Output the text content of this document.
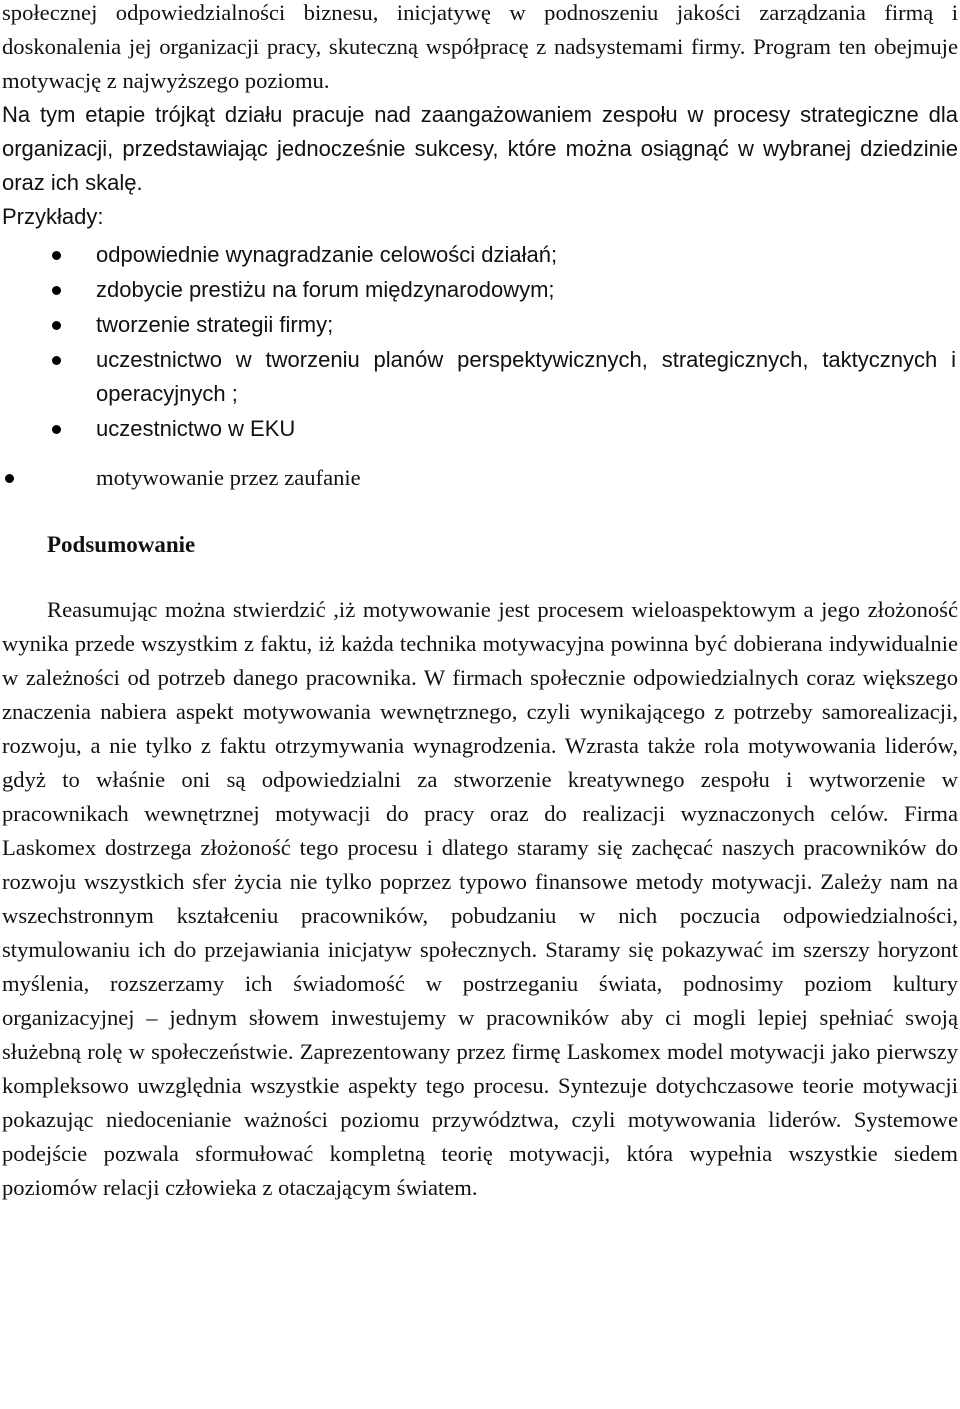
społecznej odpowiedzialności biznesu, inicjatywę w podnoszeniu jakości zarządzania firmą i doskonalenia jej organizacji pracy, skuteczną współpracę z nadsystemami firmy. Program ten obejmuje motywację z najwyższego poziomu.

Na tym etapie trójkąt działu pracuje nad zaangażowaniem zespołu w procesy strategiczne dla organizacji, przedstawiając jednocześnie sukcesy, które można osiągnąć w wybranej dziedzinie oraz ich skalę.

Przykłady:
odpowiednie wynagradzanie celowości działań;
zdobycie prestiżu na forum międzynarodowym;
tworzenie strategii firmy;
uczestnictwo w tworzeniu planów perspektywicznych, strategicznych, taktycznych i operacyjnych ;
uczestnictwo w EKU
motywowanie przez zaufanie
Podsumowanie

Reasumując można stwierdzić ,iż motywowanie jest procesem wieloaspektowym a jego złożoność wynika przede wszystkim z faktu, iż każda technika motywacyjna powinna być dobierana indywidualnie w zależności od potrzeb danego pracownika. W firmach społecznie odpowiedzialnych coraz większego znaczenia nabiera aspekt motywowania wewnętrznego, czyli wynikającego z potrzeby samorealizacji, rozwoju, a nie tylko z faktu otrzymywania wynagrodzenia. Wzrasta także rola motywowania liderów, gdyż to właśnie oni są odpowiedzialni za stworzenie kreatywnego zespołu i wytworzenie w pracownikach wewnętrznej motywacji do pracy oraz do realizacji wyznaczonych celów. Firma Laskomex dostrzega złożoność tego procesu i dlatego staramy się zachęcać naszych pracowników do rozwoju wszystkich sfer życia nie tylko poprzez typowo finansowe metody motywacji. Zależy nam na wszechstronnym kształceniu pracowników, pobudzaniu w nich poczucia odpowiedzialności, stymulowaniu ich do przejawiania inicjatyw społecznych. Staramy się pokazywać im szerszy horyzont myślenia, rozszerzamy ich świadomość w postrzeganiu świata, podnosimy poziom kultury organizacyjnej – jednym słowem inwestujemy w pracowników aby ci mogli lepiej spełniać swoją służebną rolę w społeczeństwie. Zaprezentowany przez firmę Laskomex model motywacji jako pierwszy kompleksowo uwzględnia wszystkie aspekty tego procesu. Syntezuje dotychczasowe teorie motywacji pokazując niedocenianie ważności poziomu przywództwa, czyli motywowania liderów. Systemowe podejście pozwala sformułować kompletną teorię motywacji, która wypełnia wszystkie siedem poziomów relacji człowieka z otaczającym światem.
